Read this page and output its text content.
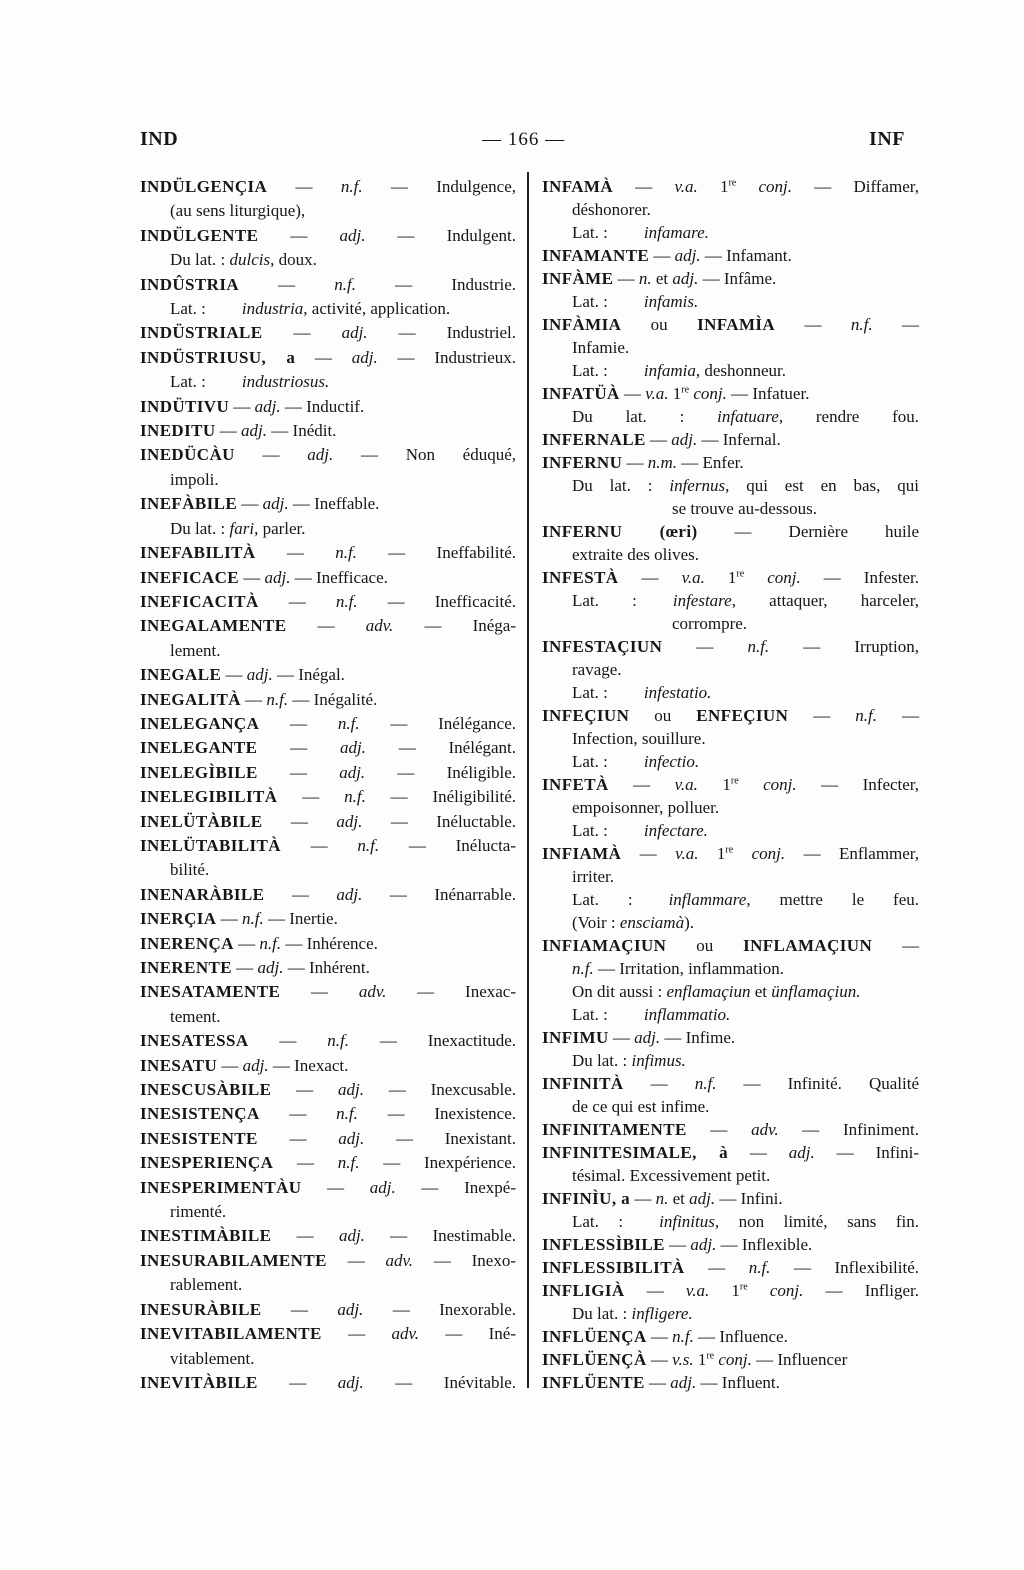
IND	— 166 —	INF
INDÜLGENÇIA — n.f. — Indulgence,
(au sens liturgique),
INDÜLGENTE — adj. — Indulgent.
Du lat. : dulcis, doux.
INDÛSTRIA — n.f. — Industrie.
Lat. : industria, activité, application.
INDÜSTRIALE — adj. — Industriel.
INDÜSTRIUSU, a — adj. — Industrieux.
Lat. : industriosus.
INDÜTIVU — adj. — Inductif.
INEDITU — adj. — Inédit.
INEDÜCÀU — adj. — Non éduqué,
impoli.
INEFÀBILE — adj. — Ineffable.
Du lat. : fari, parler.
INEFABILITÀ — n.f. — Ineffabilité.
INEFICACE — adj. — Inefficace.
INEFICACITÀ — n.f. — Inefficacité.
INEGALAMENTE — adv. — Inéga-
lement.
INEGALE — adj. — Inégal.
INEGALITÀ — n.f. — Inégalité.
INELEGANÇA — n.f. — Inélégance.
INELEGANTE — adj. — Inélégant.
INELEGÌBILE — adj. — Inéligible.
INELEGIBILITÀ — n.f. — Inéligibilité.
INELÜTÀBILE — adj. — Inéluctable.
INELÜTABILITÀ — n.f. — Inélucta-
bilité.
INENARÀBILE — adj. — Inénarrable.
INERÇIA — n.f. — Inertie.
INERENÇA — n.f. — Inhérence.
INERENTE — adj. — Inhérent.
INESATAMENTE — adv. — Inexac-
tement.
INESATESSA — n.f. — Inexactitude.
INESATU — adj. — Inexact.
INESCUSÀBILE — adj. — Inexcusable.
INESISTENÇA — n.f. — Inexistence.
INESISTENTE — adj. — Inexistant.
INESPERIENÇA — n.f. — Inexpérience.
INESPERIMENTÀU — adj. — Inexpé-
rimenté.
INESTIMÀBILE — adj. — Inestimable.
INESURABILAMENTE — adv. — Inexo-
rablement.
INESURÀBILE — adj. — Inexorable.
INEVITABILAMENTE — adv. — Iné-
vitablement.
INEVITÀBILE — adj. — Inévitable.
INFAMÀ — v.a. 1re conj. — Diffamer,
déshonorer.
Lat. : infamare.
INFAMANTE — adj. — Infamant.
INFÀME — n. et adj. — Infâme.
Lat. : infamis.
INFÀMIA ou INFAMÌA — n.f. —
Infamie.
Lat. : infamia, deshonneur.
INFATÜÀ — v.a. 1re conj. — Infatuer.
Du lat. : infatuare, rendre fou.
INFERNALE — adj. — Infernal.
INFERNU — n.m. — Enfer.
Du lat. : infernus, qui est en bas, qui
se trouve au-dessous.
INFERNU (œri) — Dernière huile
extraite des olives.
INFESTÀ — v.a. 1re conj. — Infester.
Lat. : infestare, attaquer, harceler,
corrompre.
INFESTAÇIUN — n.f. — Irruption,
ravage.
Lat. : infestatio.
INFEÇIUN ou ENFEÇIUN — n.f. —
Infection, souillure.
Lat. : infectio.
INFETÀ — v.a. 1re conj. — Infecter,
empoisonner, polluer.
Lat. : infectare.
INFIAMÀ — v.a. 1re conj. — Enflammer,
irriter.
Lat. : inflammare, mettre le feu.
(Voir : ensciamà).
INFIAMAÇIUN ou INFLAMAÇIUN —
n.f. — Irritation, inflammation.
On dit aussi : enflamaçiun et ünflamaçiun.
Lat. : inflammatio.
INFIMU — adj. — Infime.
Du lat. : infimus.
INFINITÀ — n.f. — Infinité. Qualité
de ce qui est infime.
INFINITAMENTE — adv. — Infiniment.
INFINITESIMALE, à — adj. — Infini-
tésimal. Excessivement petit.
INFINÌU, a — n. et adj. — Infini.
Lat. : infinitus, non limité, sans fin.
INFLESSÌBILE — adj. — Inflexible.
INFLESSIBILITÀ — n.f. — Inflexibilité.
INFLIGIÀ — v.a. 1re conj. — Infliger.
Du lat. : infligere.
INFLÜENÇA — n.f. — Influence.
INFLÜENÇÀ — v.s. 1re conj. — Influencer
INFLÜENTE — adj. — Influent.
